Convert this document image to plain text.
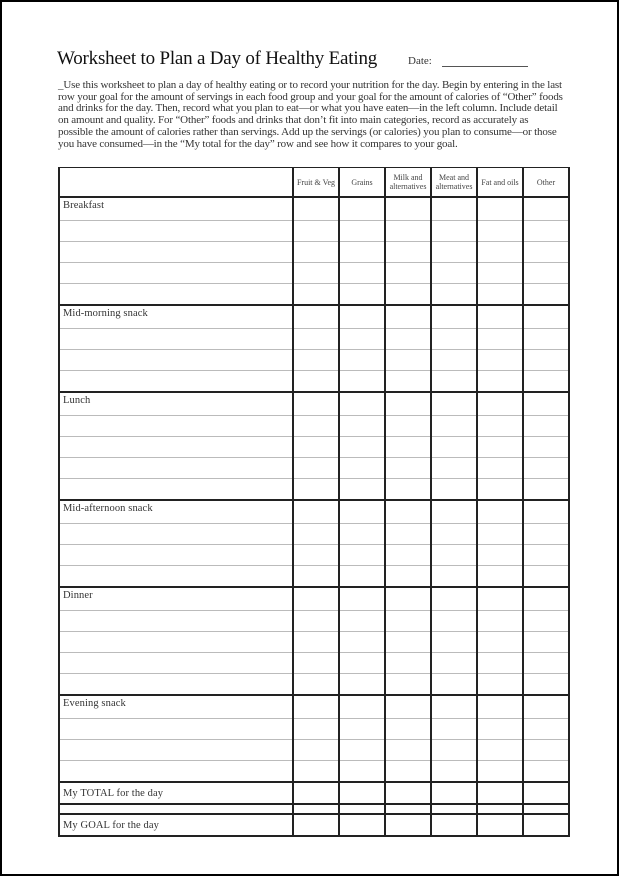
Worksheet to Plan a Day of Healthy Eating	Date:
_Use this worksheet to plan a day of healthy eating or to record your nutrition for the day. Begin by entering in the last row your goal for the amount of servings in each food group and your goal for the amount of calories of “Other” foods and drinks for the day. Then, record what you plan to eat—or what you have eaten—in the left column. Include detail on amount and quality. For “Other” foods and drinks that don’t fit into main categories, record as accurately as possible the amount of calories rather than servings. Add up the servings (or calories) you plan to consume—or those you have consumed—in the “My total for the day” row and see how it compares to your goal.
	Fruit & Veg	Grains	Milk and alternatives	Meat and alternatives	Fat and oils	Other
Breakfast						

Mid-morning snack						

Lunch						

Mid-afternoon snack						

Dinner						

Evening snack						

My TOTAL for the day						

My GOAL for the day						
